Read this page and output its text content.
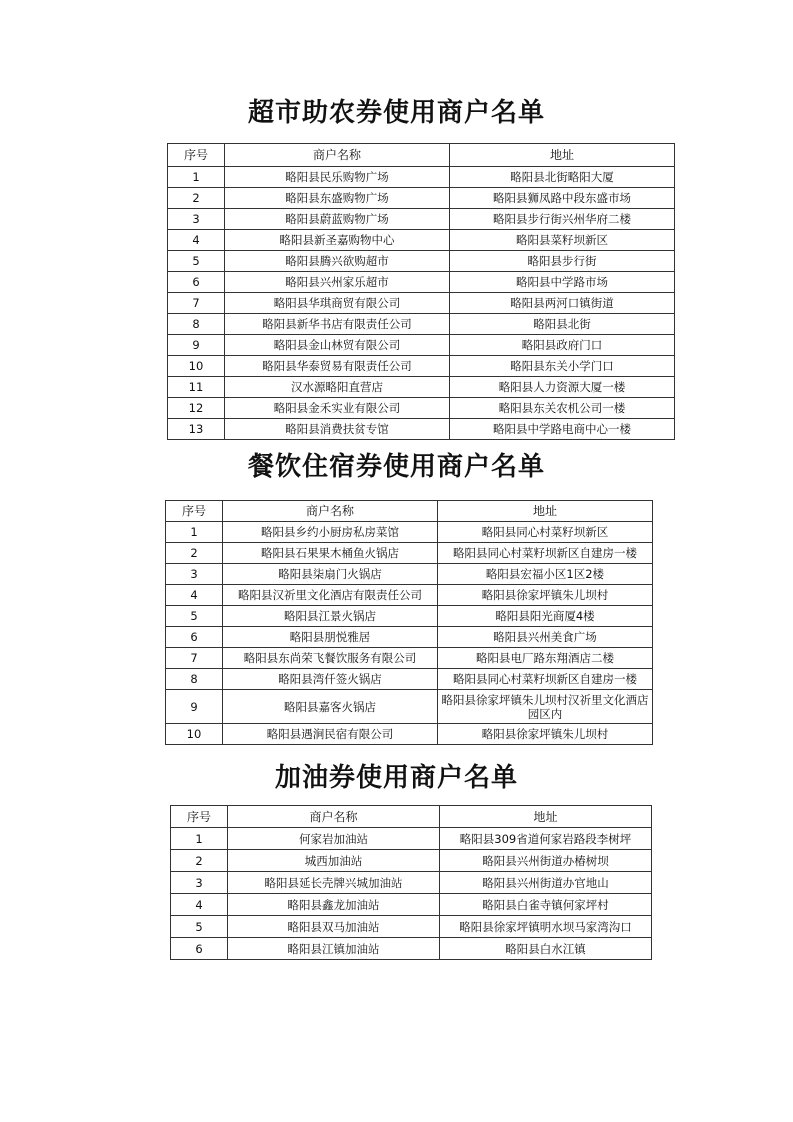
超市助农券使用商户名单
序号	商户名称	地址
1	略阳县民乐购物广场	略阳县北街略阳大厦
2	略阳县东盛购物广场	略阳县狮凤路中段东盛市场
3	略阳县蔚蓝购物广场	略阳县步行街兴州华府二楼
4	略阳县新圣嘉购物中心	略阳县菜籽坝新区
5	略阳县腾兴欲购超市	略阳县步行街
6	略阳县兴州家乐超市	略阳县中学路市场
7	略阳县华琪商贸有限公司	略阳县两河口镇街道
8	略阳县新华书店有限责任公司	略阳县北街
9	略阳县金山林贸有限公司	略阳县政府门口
10	略阳县华泰贸易有限责任公司	略阳县东关小学门口
11	汉水源略阳直营店	略阳县人力资源大厦一楼
12	略阳县金禾实业有限公司	略阳县东关农机公司一楼
13	略阳县消费扶贫专馆	略阳县中学路电商中心一楼
餐饮住宿券使用商户名单
序号	商户名称	地址
1	略阳县乡约小厨房私房菜馆	略阳县同心村菜籽坝新区
2	略阳县石果果木桶鱼火锅店	略阳县同心村菜籽坝新区自建房一楼
3	略阳县柒扇门火锅店	略阳县宏福小区1区2楼
4	略阳县汉祈里文化酒店有限责任公司	略阳县徐家坪镇朱儿坝村
5	略阳县江景火锅店	略阳县阳光商厦4楼
6	略阳县朋悦雅居	略阳县兴州美食广场
7	略阳县东尚荣飞餐饮服务有限公司	略阳县电厂路东翔酒店二楼
8	略阳县湾仟签火锅店	略阳县同心村菜籽坝新区自建房一楼
9	略阳县嘉客火锅店	略阳县徐家坪镇朱儿坝村汉祈里文化酒店园区内
10	略阳县遇涧民宿有限公司	略阳县徐家坪镇朱儿坝村
加油券使用商户名单
序号	商户名称	地址
1	何家岩加油站	略阳县309省道何家岩路段李树坪
2	城西加油站	略阳县兴州街道办椿树坝
3	略阳县延长壳牌兴城加油站	略阳县兴州街道办官地山
4	略阳县鑫龙加油站	略阳县白雀寺镇何家坪村
5	略阳县双马加油站	略阳县徐家坪镇明水坝马家湾沟口
6	略阳县江镇加油站	略阳县白水江镇
